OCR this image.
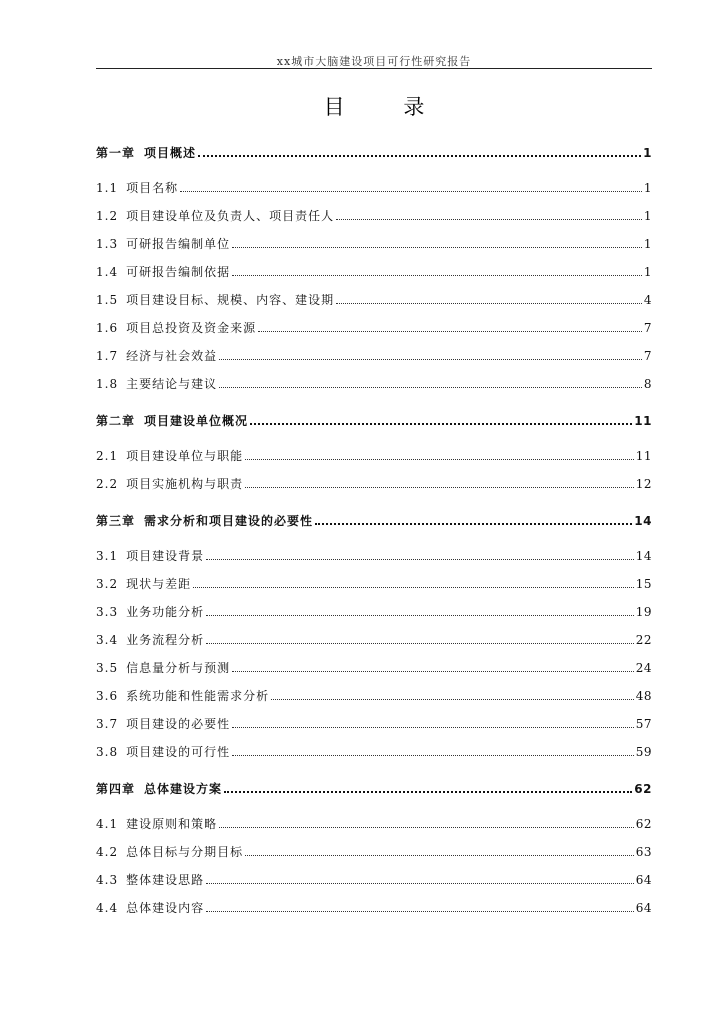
xx城市大脑建设项目可行性研究报告
目 录
第一章 项目概述	1
1.1 项目名称	1
1.2 项目建设单位及负责人、项目责任人	1
1.3 可研报告编制单位	1
1.4 可研报告编制依据	1
1.5 项目建设目标、规模、内容、建设期	4
1.6 项目总投资及资金来源	7
1.7 经济与社会效益	7
1.8 主要结论与建议	8
第二章 项目建设单位概况	11
2.1 项目建设单位与职能	11
2.2 项目实施机构与职责	12
第三章 需求分析和项目建设的必要性	14
3.1 项目建设背景	14
3.2 现状与差距	15
3.3 业务功能分析	19
3.4 业务流程分析	22
3.5 信息量分析与预测	24
3.6 系统功能和性能需求分析	48
3.7 项目建设的必要性	57
3.8 项目建设的可行性	59
第四章 总体建设方案	62
4.1 建设原则和策略	62
4.2 总体目标与分期目标	63
4.3 整体建设思路	64
4.4 总体建设内容	64
